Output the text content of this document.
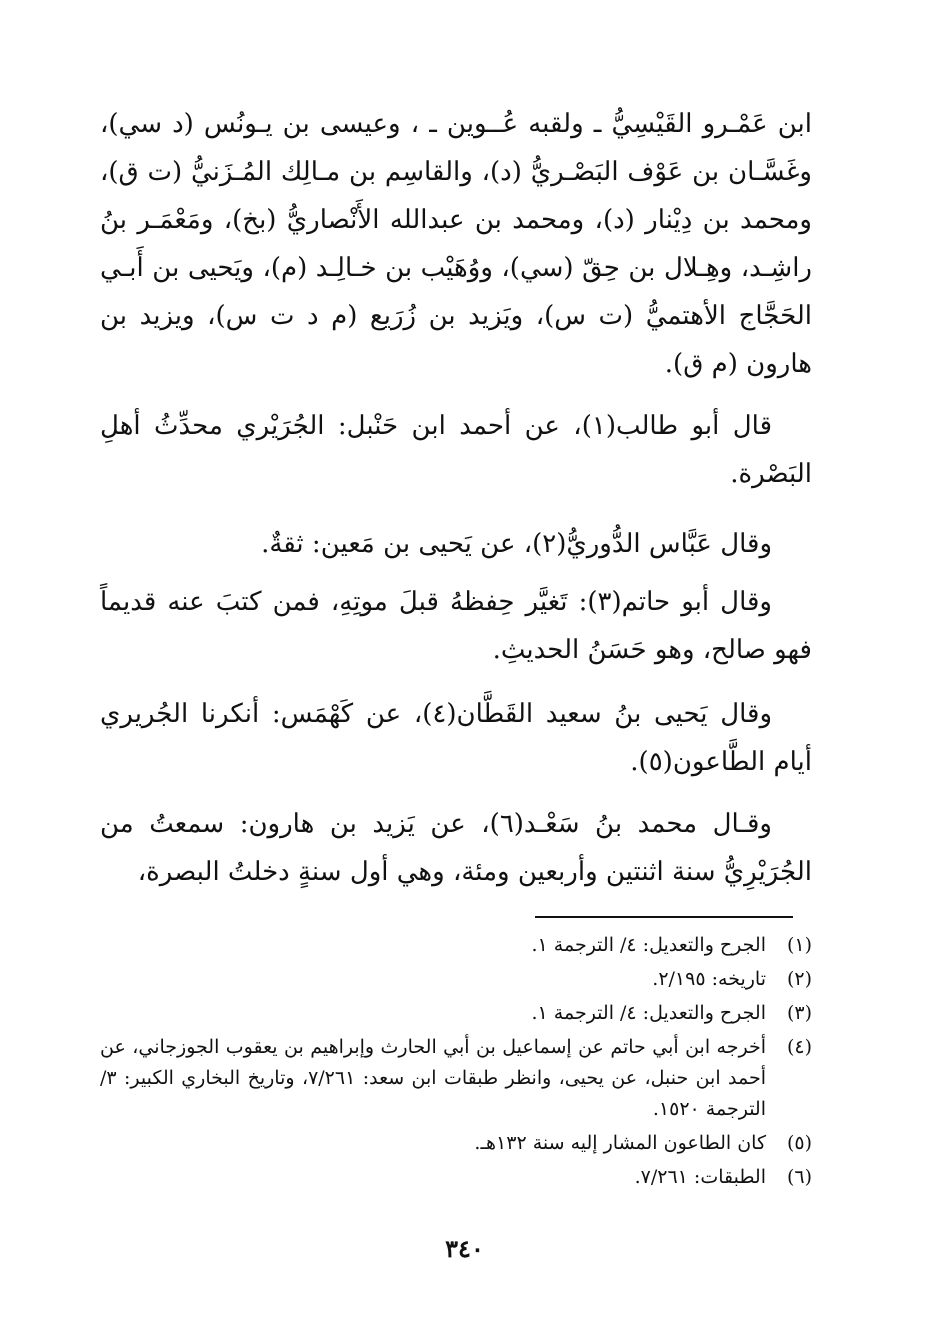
ابن عَمْـرو القَيْسِيُّ ـ ولقبه عُــوين ـ ، وعيسى بن يـونُس (د سي)، وغَسَّـان بن عَوْف البَصْـريُّ (د)، والقاسِم بن مـالِك المُـزَنيُّ (ت ق)، ومحمد بن دِيْنار (د)، ومحمد بن عبدالله الأَنْصاريُّ (بخ)، ومَعْمَـر بنُ راشِـد، وهِـلال بن حِقّ (سي)، ووُهَيْب بن خـالِـد (م)، ويَحيى بن أَبـي الحَجَّاج الأهتميُّ (ت س)، ويَزيد بن زُرَيع (م د ت س)، ويزيد بن هارون (م ق).

قال أبو طالب(١)، عن أحمد ابن حَنْبل: الجُرَيْري محدِّثُ أهلِ البَصْرة.

وقال عَبَّاس الدُّوريُّ(٢)، عن يَحيى بن مَعين: ثقةٌ.

وقال أبو حاتم(٣): تَغيَّر حِفظهُ قبلَ موتِهِ، فمن كتبَ عنه قديماً فهو صالح، وهو حَسَنُ الحديثِ.

وقال يَحيى بنُ سعيد القَطَّان(٤)، عن كَهْمَس: أنكرنا الجُريري أيام الطَّاعون(٥).

وقـال محمد بنُ سَعْـد(٦)، عن يَزيد بن هارون: سمعتُ من الجُرَيْرِيُّ سنة اثنتين وأربعين ومئة، وهي أول سنةٍ دخلتُ البصرة،

(١)
الجرح والتعديل: ٤/ الترجمة ١.
(٢)
تاريخه: ٢/١٩٥.
(٣)
الجرح والتعديل: ٤/ الترجمة ١.
(٤)
أخرجه ابن أبي حاتم عن إسماعيل بن أبي الحارث وإبراهيم بن يعقوب الجوزجاني، عن أحمد ابن حنبل، عن يحيى، وانظر طبقات ابن سعد: ٧/٢٦١، وتاريخ البخاري الكبير: ٣/ الترجمة ١٥٢٠.
(٥)
كان الطاعون المشار إليه سنة ١٣٢هـ.
(٦)
الطبقات: ٧/٢٦١.
٣٤٠
